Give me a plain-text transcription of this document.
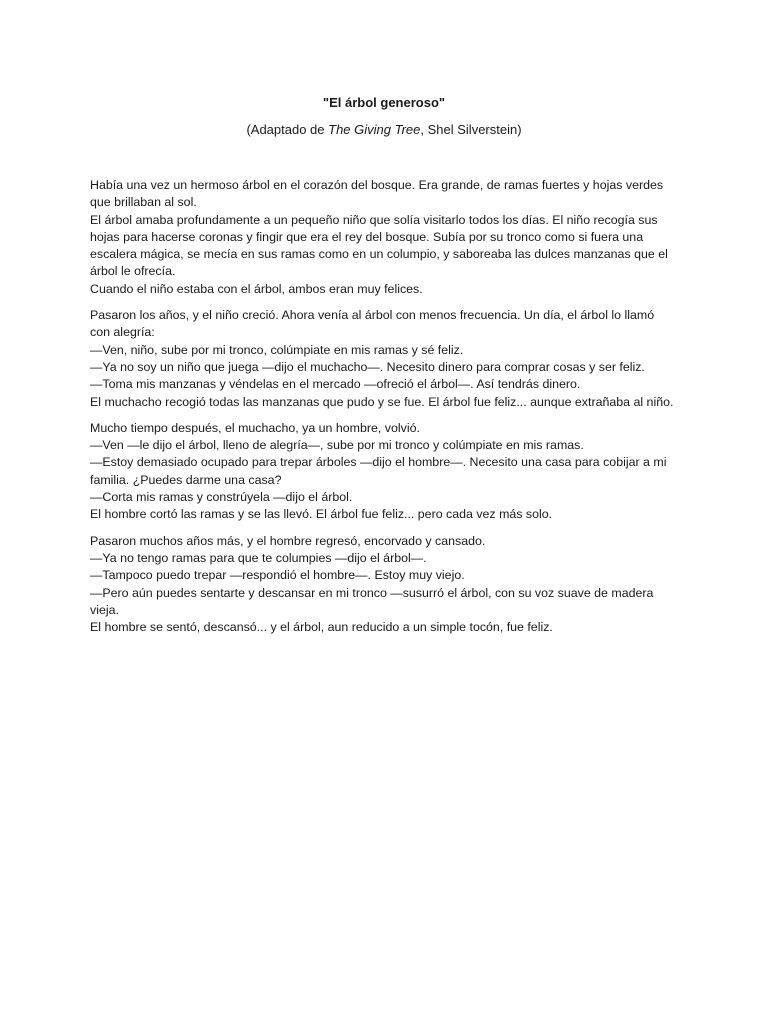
"El árbol generoso"

(Adaptado de The Giving Tree, Shel Silverstein)

Había una vez un hermoso árbol en el corazón del bosque. Era grande, de ramas fuertes y hojas verdes
que brillaban al sol.
El árbol amaba profundamente a un pequeño niño que solía visitarlo todos los días. El niño recogía sus
hojas para hacerse coronas y fingir que era el rey del bosque. Subía por su tronco como si fuera una
escalera mágica, se mecía en sus ramas como en un columpio, y saboreaba las dulces manzanas que el
árbol le ofrecía.
Cuando el niño estaba con el árbol, ambos eran muy felices.

Pasaron los años, y el niño creció. Ahora venía al árbol con menos frecuencia. Un día, el árbol lo llamó
con alegría:
—Ven, niño, sube por mi tronco, colúmpiate en mis ramas y sé feliz.
—Ya no soy un niño que juega —dijo el muchacho—. Necesito dinero para comprar cosas y ser feliz.
—Toma mis manzanas y véndelas en el mercado —ofreció el árbol—. Así tendrás dinero.
El muchacho recogió todas las manzanas que pudo y se fue. El árbol fue feliz... aunque extrañaba al niño.

Mucho tiempo después, el muchacho, ya un hombre, volvió.
—Ven —le dijo el árbol, lleno de alegría—, sube por mi tronco y colúmpiate en mis ramas.
—Estoy demasiado ocupado para trepar árboles —dijo el hombre—. Necesito una casa para cobijar a mi
familia. ¿Puedes darme una casa?
—Corta mis ramas y constrúyela —dijo el árbol.
El hombre cortó las ramas y se las llevó. El árbol fue feliz... pero cada vez más solo.

Pasaron muchos años más, y el hombre regresó, encorvado y cansado.
—Ya no tengo ramas para que te columpies —dijo el árbol—.
—Tampoco puedo trepar —respondió el hombre—. Estoy muy viejo.
—Pero aún puedes sentarte y descansar en mi tronco —susurró el árbol, con su voz suave de madera
vieja.
El hombre se sentó, descansó... y el árbol, aun reducido a un simple tocón, fue feliz.
